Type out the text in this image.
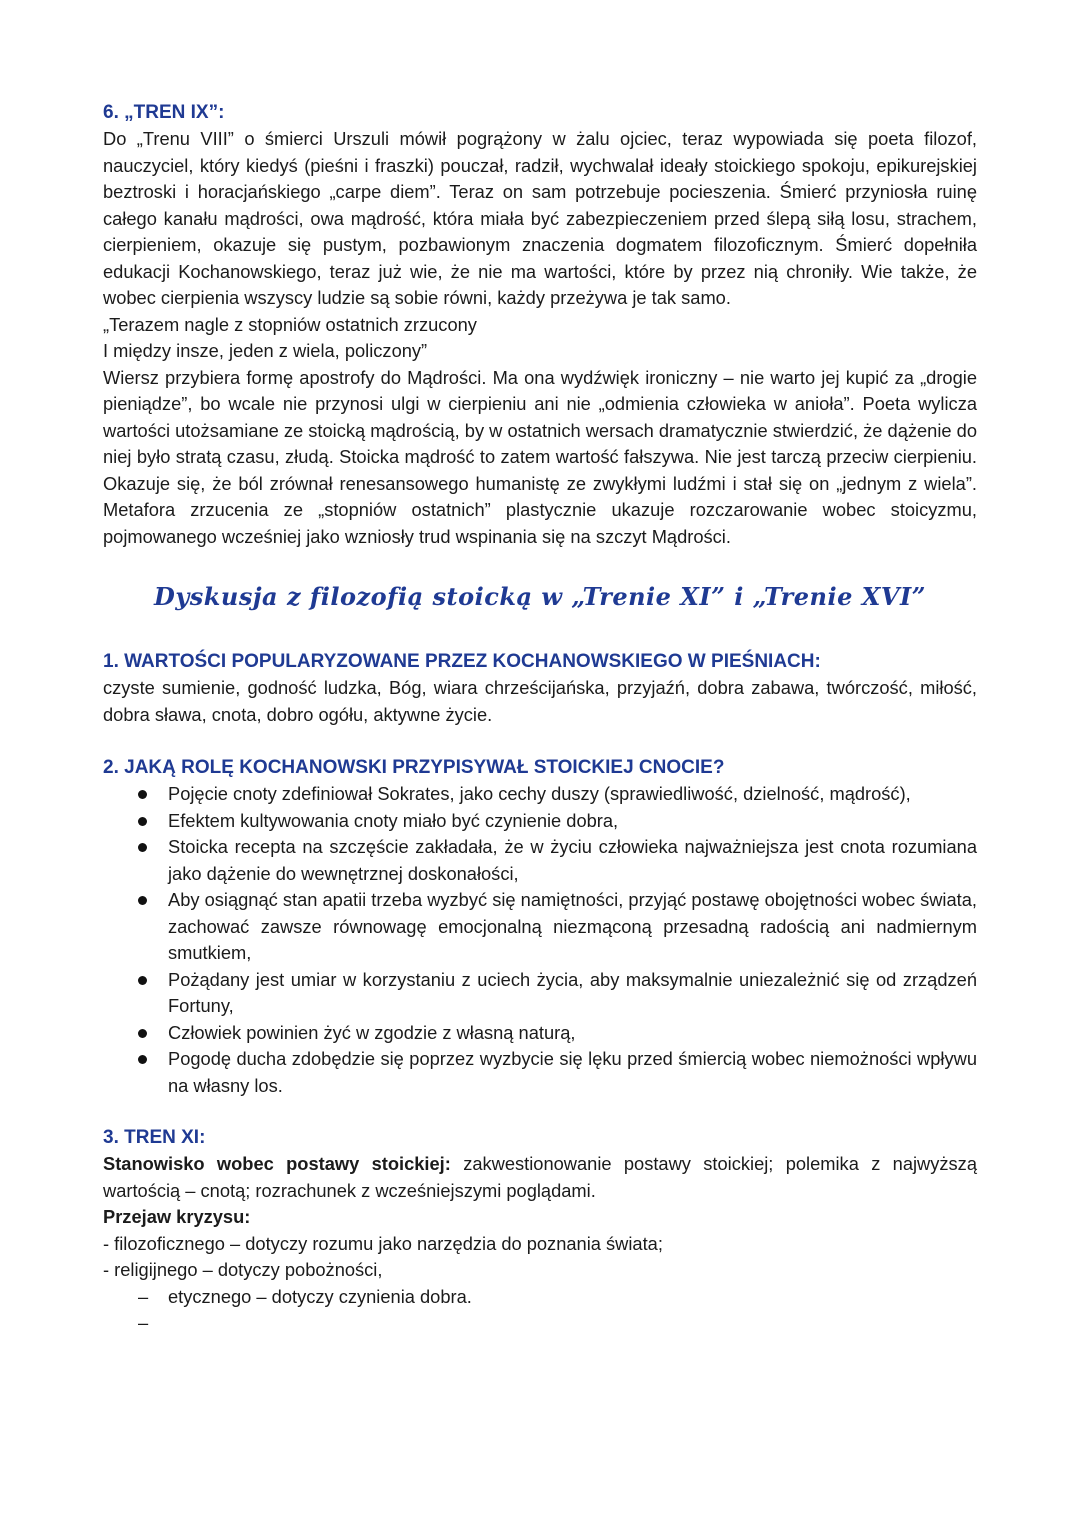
6. „TREN IX”:

Do „Trenu VIII” o śmierci Urszuli mówił pogrążony w żalu ojciec, teraz wypowiada się poeta filozof, nauczyciel, który kiedyś (pieśni i fraszki) pouczał, radził, wychwalał ideały stoickiego spokoju, epikurejskiej beztroski i horacjańskiego „carpe diem”. Teraz on sam potrzebuje pocieszenia. Śmierć przyniosła ruinę całego kanału mądrości, owa mądrość, która miała być zabezpieczeniem przed ślepą siłą losu, strachem, cierpieniem, okazuje się pustym, pozbawionym znaczenia dogmatem filozoficznym. Śmierć dopełniła edukacji Kochanowskiego, teraz już wie, że nie ma wartości, które by przez nią chroniły. Wie także, że wobec cierpienia wszyscy ludzie są sobie równi, każdy przeżywa je tak samo.

„Terazem nagle z stopniów ostatnich zrzucony
I między insze, jeden z wiela, policzony”

Wiersz przybiera formę apostrofy do Mądrości. Ma ona wydźwięk ironiczny – nie warto jej kupić za „drogie pieniądze”, bo wcale nie przynosi ulgi w cierpieniu ani nie „odmienia człowieka w anioła”. Poeta wylicza wartości utożsamiane ze stoicką mądrością, by w ostatnich wersach dramatycznie stwierdzić, że dążenie do niej było stratą czasu, złudą. Stoicka mądrość to zatem wartość fałszywa. Nie jest tarczą przeciw cierpieniu. Okazuje się, że ból zrównał renesansowego humanistę ze zwykłymi ludźmi i stał się on „jednym z wiela”. Metafora zrzucenia ze „stopniów ostatnich” plastycznie ukazuje rozczarowanie wobec stoicyzmu, pojmowanego wcześniej jako wzniosły trud wspinania się na szczyt Mądrości.

Dyskusja z filozofią stoicką w „Trenie XI” i „Trenie XVI”
1. WARTOŚCI POPULARYZOWANE PRZEZ KOCHANOWSKIEGO W PIEŚNIACH:

czyste sumienie, godność ludzka, Bóg, wiara chrześcijańska, przyjaźń, dobra zabawa, twórczość, miłość, dobra sława, cnota, dobro ogółu, aktywne życie.

2. JAKĄ ROLĘ KOCHANOWSKI PRZYPISYWAŁ STOICKIEJ CNOCIE?
Pojęcie cnoty zdefiniował Sokrates, jako cechy duszy (sprawiedliwość, dzielność, mądrość),
Efektem kultywowania cnoty miało być czynienie dobra,
Stoicka recepta na szczęście zakładała, że w życiu człowieka najważniejsza jest cnota rozumiana jako dążenie do wewnętrznej doskonałości,
Aby osiągnąć stan apatii trzeba wyzbyć się namiętności, przyjąć postawę obojętności wobec świata, zachować zawsze równowagę emocjonalną niezmąconą przesadną radością ani nadmiernym smutkiem,
Pożądany jest umiar w korzystaniu z uciech życia, aby maksymalnie uniezależnić się od zrządzeń Fortuny,
Człowiek powinien żyć w zgodzie z własną naturą,
Pogodę ducha zdobędzie się poprzez wyzbycie się lęku przed śmiercią wobec niemożności wpływu na własny los.
3. TREN XI:

Stanowisko wobec postawy stoickiej: zakwestionowanie postawy stoickiej; polemika z najwyższą wartością – cnotą; rozrachunek z wcześniejszymi poglądami.

Przejaw kryzysu:
- filozoficznego – dotyczy rozumu jako narzędzia do poznania świata;
- religijnego – dotyczy pobożności,
– etycznego – dotyczy czynienia dobra.
–
